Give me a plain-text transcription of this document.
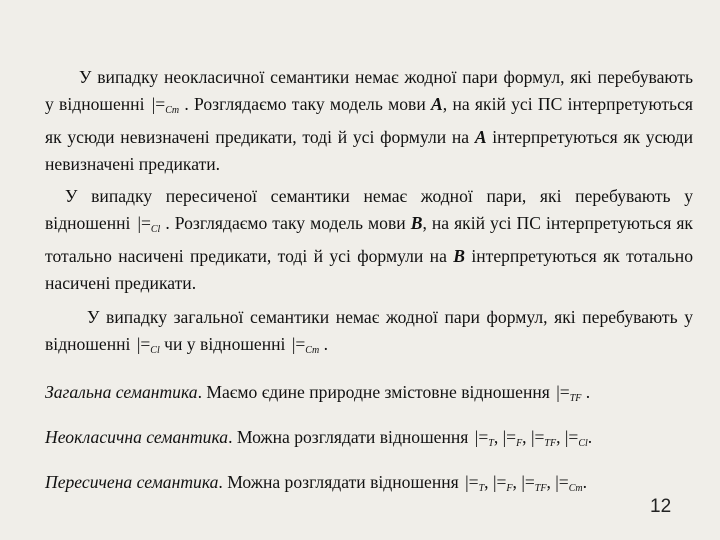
У випадку неокласичної семантики немає жодної пари формул, які перебувають у відношенні $|=_{Cm}$ . Розглядаємо таку модель мови A, на якій усі ПС інтерпретуються як усюди невизначені предикати, тоді й усі формули на A інтерпретуються як усюди невизначені предикати.

У випадку пересиченої семантики немає жодної пари, які перебувають у відношенні $|=_{Cl}$ . Розглядаємо таку модель мови B, на якій усі ПС інтерпретуються як тотально насичені предикати, тоді й усі формули на B інтерпретуються як тотально насичені предикати.

У випадку загальної семантики немає жодної пари формул, які перебувають у відношенні $|=_{Cl}$ чи у відношенні $|=_{Cm}$ .

Загальна семантика. Маємо єдине природне змістовне відношення $|=_{TF}$ .

Неокласична семантика. Можна розглядати відношення $|=_T$, $|=_F$, $|=_{TF}$, $|=_{Cl}$.

Пересичена семантика. Можна розглядати відношення $|=_T$, $|=_F$, $|=_{TF}$, $|=_{Cm}$.

12
